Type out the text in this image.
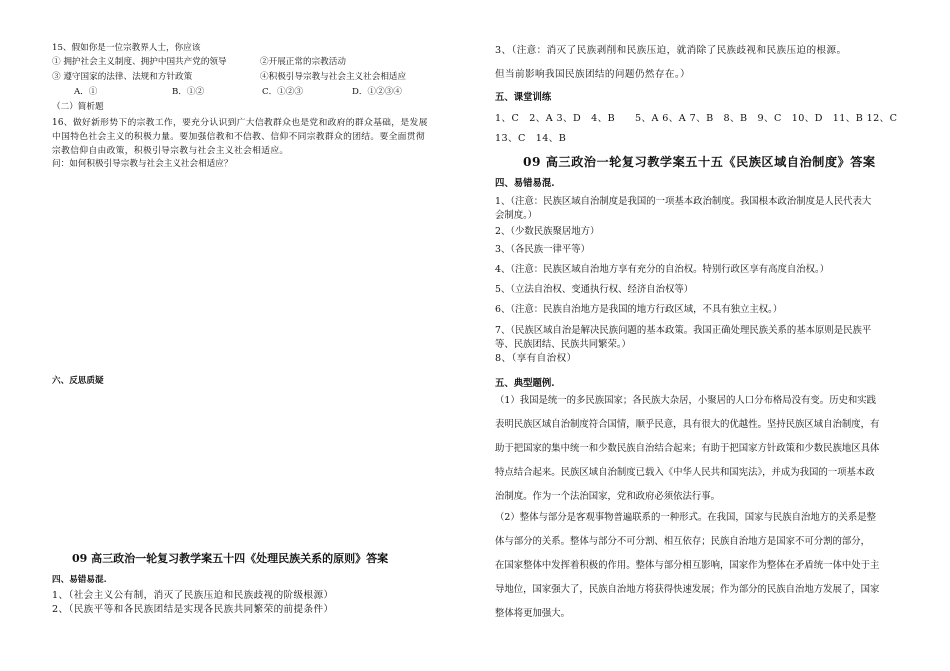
15、假如你是一位宗教界人士，你应该
① 拥护社会主义制度、拥护中国共产党的领导	②开展正常的宗教活动
③ 遵守国家的法律、法规和方针政策	④积极引导宗教与社会主义社会相适应
A．①	B．①②	C．①②③	D．①②③④
（二）简析题
16、做好新形势下的宗教工作，要充分认识到广大信教群众也是党和政府的群众基础，是发展
中国特色社会主义的积极力量。要加强信教和不信教、信仰不同宗教群众的团结。要全面贯彻
宗教信仰自由政策，积极引导宗教与社会主义社会相适应。
问：如何积极引导宗教与社会主义社会相适应？
六、反思质疑
09 高三政治一轮复习教学案五十四《处理民族关系的原则》答案
四、易错易混.
1、（社会主义公有制，消灭了民族压迫和民族歧视的阶级根源）
2、（民族平等和各民族团结是实现各民族共同繁荣的前提条件）
3、（注意：消灭了民族剥削和民族压迫，就消除了民族歧视和民族压迫的根源。
但当前影响我国民族团结的问题仍然存在。）
五、课堂训练
1、C　2、A 3、D　4、B　　5、A 6、A 7、B　8、B　9、C　10、D　11、B 12、C
13、C　14、B
09 高三政治一轮复习教学案五十五《民族区域自治制度》答案
四、易错易混.
1、（注意：民族区域自治制度是我国的一项基本政治制度。我国根本政治制度是人民代表大
会制度。）
2、（少数民族聚居地方）
3、（各民族一律平等）
4、（注意：民族区域自治地方享有充分的自治权。特别行政区享有高度自治权。）
5、（立法自治权、变通执行权、经济自治权等）
6、（注意：民族自治地方是我国的地方行政区域，不具有独立主权。）
7、（民族区域自治是解决民族问题的基本政策。我国正确处理民族关系的基本原则是民族平
等、民族团结、民族共同繁荣。）
8、（享有自治权）
五、典型题例.
（1）我国是统一的多民族国家；各民族大杂居，小聚居的人口分布格局没有变。历史和实践
表明民族区域自治制度符合国情，顺乎民意，具有很大的优越性。坚持民族区域自治制度，有
助于把国家的集中统一和少数民族自治结合起来；有助于把国家方针政策和少数民族地区具体
特点结合起来。民族区域自治制度已载入《中华人民共和国宪法》，并成为我国的一项基本政
治制度。作为一个法治国家，党和政府必须依法行事。
（2）整体与部分是客观事物普遍联系的一种形式。在我国，国家与民族自治地方的关系是整
体与部分的关系。整体与部分不可分割、相互依存；民族自治地方是国家不可分割的部分，
在国家整体中发挥着积极的作用。整体与部分相互影响，国家作为整体在矛盾统一体中处于主
导地位，国家强大了，民族自治地方将获得快速发展；作为部分的民族自治地方发展了，国家
整体将更加强大。
